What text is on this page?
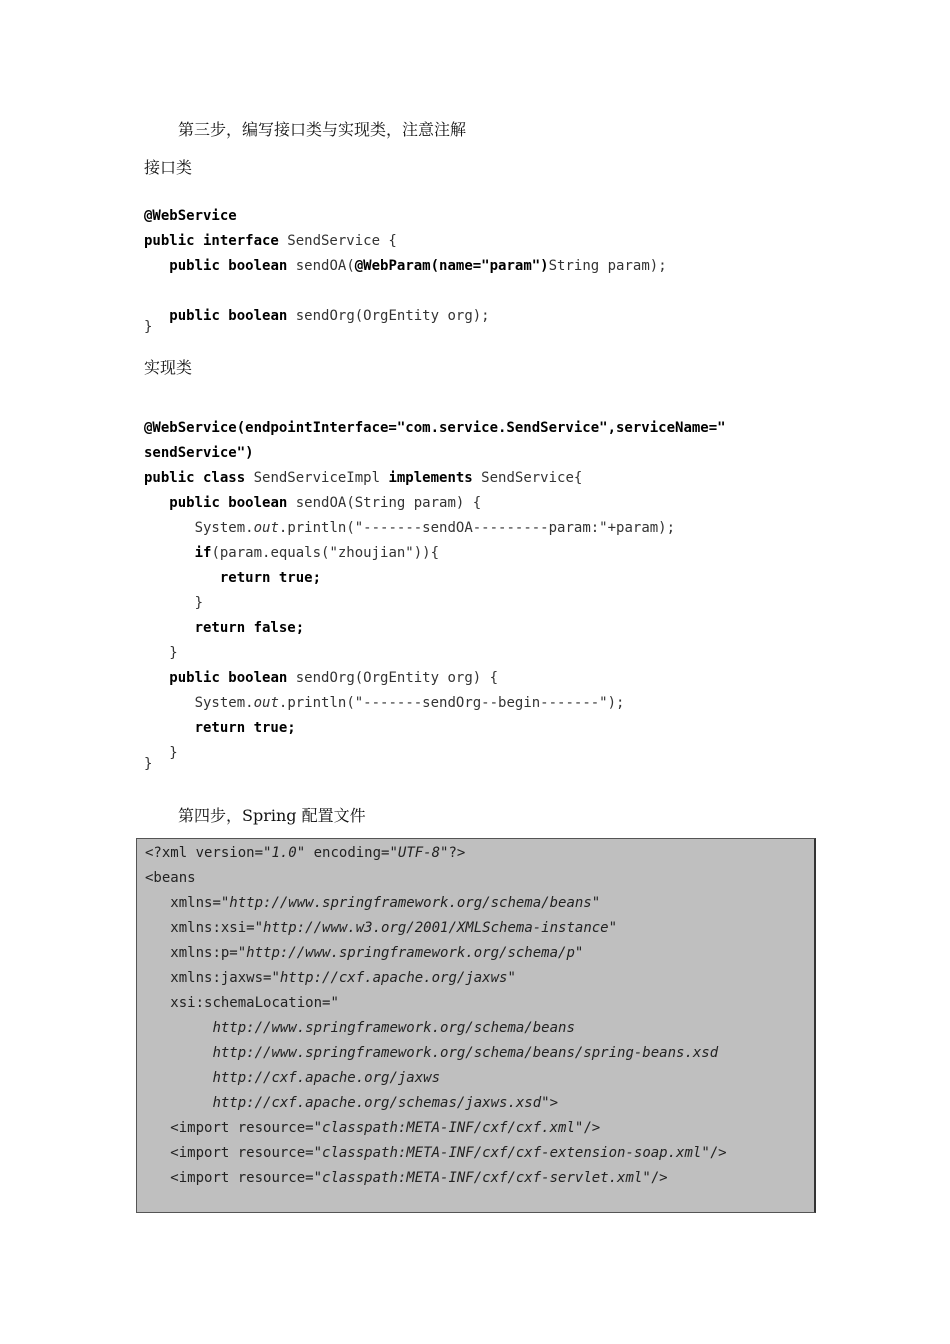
第三步，编写接口类与实现类，注意注解
接口类

@WebService
public interface SendService {
public boolean sendOA(@WebParam(name="param")String param);

public boolean sendOrg(OrgEntity org);
}
实现类

@WebService(endpointInterface="com.service.SendService",serviceName="
sendService")
public class SendServiceImpl implements SendService{
public boolean sendOA(String param) {
System.out.println("-------sendOA---------param:"+param);
if(param.equals("zhoujian")){
return true;
}
return false;
}
public boolean sendOrg(OrgEntity org) {
System.out.println("-------sendOrg--begin-------");
return true;
}
}
第四步，Spring 配置文件
<?xml version="1.0" encoding="UTF-8"?>
<beans
xmlns="http://www.springframework.org/schema/beans"
xmlns:xsi="http://www.w3.org/2001/XMLSchema-instance"
xmlns:p="http://www.springframework.org/schema/p"
xmlns:jaxws="http://cxf.apache.org/jaxws"
xsi:schemaLocation="
http://www.springframework.org/schema/beans
http://www.springframework.org/schema/beans/spring-beans.xsd
http://cxf.apache.org/jaxws
http://cxf.apache.org/schemas/jaxws.xsd">
<import resource="classpath:META-INF/cxf/cxf.xml"/>
<import resource="classpath:META-INF/cxf/cxf-extension-soap.xml"/>
<import resource="classpath:META-INF/cxf/cxf-servlet.xml"/>
